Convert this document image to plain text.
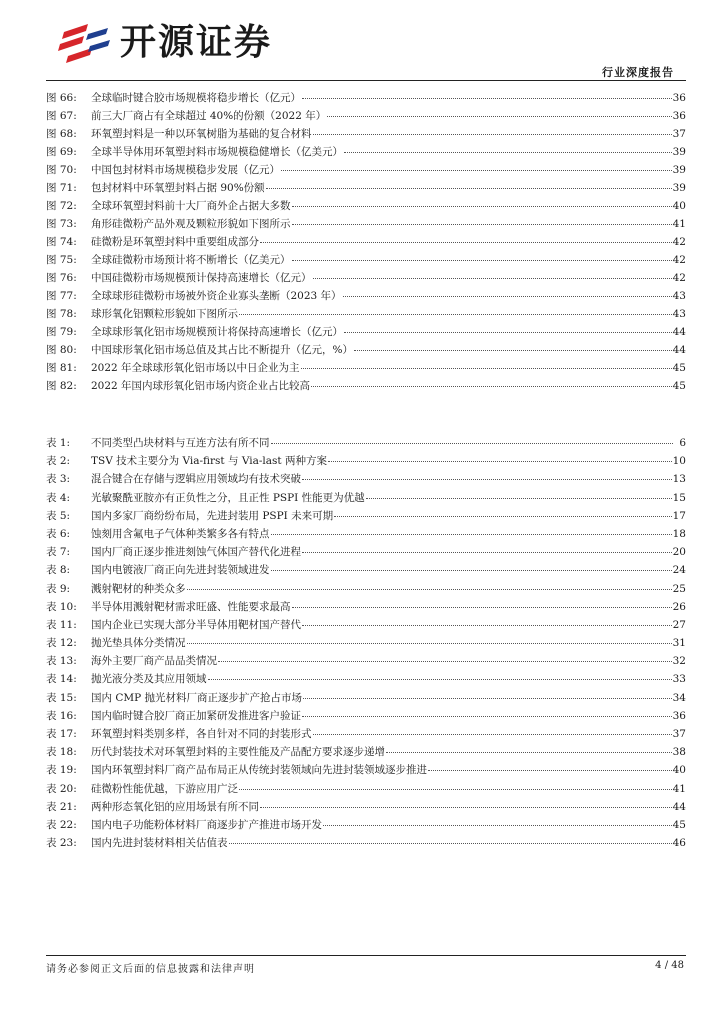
开源证券
行业深度报告
图 66:	全球临时键合胶市场规模将稳步增长（亿元）	36
图 67:	前三大厂商占有全球超过 40%的份额（2022 年）	36
图 68:	环氧塑封料是一种以环氧树脂为基础的复合材料	37
图 69:	全球半导体用环氧塑封料市场规模稳健增长（亿美元）	39
图 70:	中国包封材料市场规模稳步发展（亿元）	39
图 71:	包封材料中环氧塑封料占据 90%份额	39
图 72:	全球环氧塑封料前十大厂商外企占据大多数	40
图 73:	角形硅微粉产品外观及颗粒形貌如下图所示	41
图 74:	硅微粉是环氧塑封料中重要组成部分	42
图 75:	全球硅微粉市场预计将不断增长（亿美元）	42
图 76:	中国硅微粉市场规模预计保持高速增长（亿元）	42
图 77:	全球球形硅微粉市场被外资企业寡头垄断（2023 年）	43
图 78:	球形氧化铝颗粒形貌如下图所示	43
图 79:	全球球形氧化铝市场规模预计将保持高速增长（亿元）	44
图 80:	中国球形氧化铝市场总值及其占比不断提升（亿元，%）	44
图 81:	2022 年全球球形氧化铝市场以中日企业为主	45
图 82:	2022 年国内球形氧化铝市场内资企业占比较高	45
表 1:	不同类型凸块材料与互连方法有所不同	6
表 2:	TSV 技术主要分为 Via-first 与 Via-last 两种方案	10
表 3:	混合键合在存储与逻辑应用领域均有技术突破	13
表 4:	光敏聚酰亚胺亦有正负性之分，且正性 PSPI 性能更为优越	15
表 5:	国内多家厂商纷纷布局，先进封装用 PSPI 未来可期	17
表 6:	蚀刻用含氟电子气体种类繁多各有特点	18
表 7:	国内厂商正逐步推进刻蚀气体国产替代化进程	20
表 8:	国内电镀液厂商正向先进封装领域进发	24
表 9:	溅射靶材的种类众多	25
表 10:	半导体用溅射靶材需求旺盛、性能要求最高	26
表 11:	国内企业已实现大部分半导体用靶材国产替代	27
表 12:	抛光垫具体分类情况	31
表 13:	海外主要厂商产品品类情况	32
表 14:	抛光液分类及其应用领域	33
表 15:	国内 CMP 抛光材料厂商正逐步扩产抢占市场	34
表 16:	国内临时键合胶厂商正加紧研发推进客户验证	36
表 17:	环氧塑封料类别多样，各自针对不同的封装形式	37
表 18:	历代封装技术对环氧塑封料的主要性能及产品配方要求逐步递增	38
表 19:	国内环氧塑封料厂商产品布局正从传统封装领域向先进封装领域逐步推进	40
表 20:	硅微粉性能优越，下游应用广泛	41
表 21:	两种形态氧化铝的应用场景有所不同	44
表 22:	国内电子功能粉体材料厂商逐步扩产推进市场开发	45
表 23:	国内先进封装材料相关估值表	46
请务必参阅正文后面的信息披露和法律声明	4 / 48
